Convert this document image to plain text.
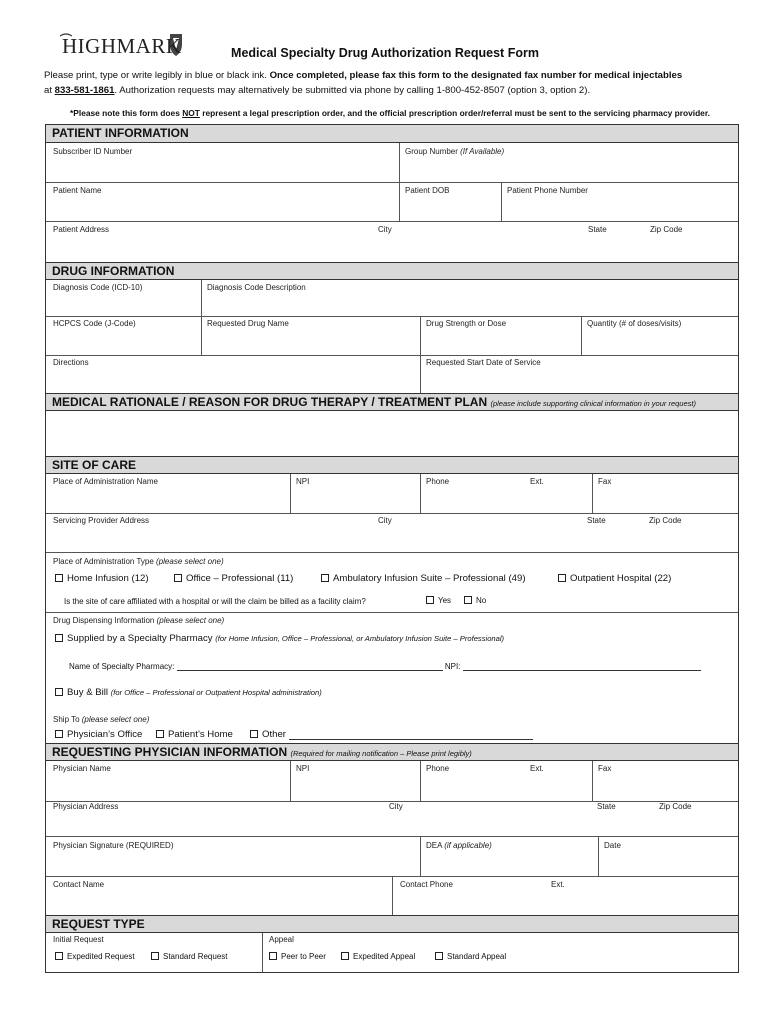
HIGHMARK	Medical Specialty Drug Authorization Request Form
Please print, type or write legibly in blue or black ink. Once completed, please fax this form to the designated fax number for medical injectables
at 833-581-1861. Authorization requests may alternatively be submitted via phone by calling 1-800-452-8507 (option 3, option 2).
*Please note this form does NOT represent a legal prescription order, and the official prescription order/referral must be sent to the servicing pharmacy provider.
PATIENT INFORMATION
Subscriber ID Number	Group Number (If Available)
Patient Name	Patient DOB	Patient Phone Number
Patient Address	City	State	Zip Code
DRUG INFORMATION
Diagnosis Code (ICD-10)	Diagnosis Code Description
HCPCS Code (J-Code)	Requested Drug Name	Drug Strength or Dose	Quantity (# of doses/visits)
Directions	Requested Start Date of Service
MEDICAL RATIONALE / REASON FOR DRUG THERAPY / TREATMENT PLAN (please include supporting clinical information in your request)
SITE OF CARE
Place of Administration Name	NPI	Phone	Ext.	Fax
Servicing Provider Address	City	State	Zip Code
Place of Administration Type (please select one)
Home Infusion (12)	Office – Professional (11)	Ambulatory Infusion Suite – Professional (49)	Outpatient Hospital (22)
Is the site of care affiliated with a hospital or will the claim be billed as a facility claim?	Yes	No
Drug Dispensing Information (please select one)
Supplied by a Specialty Pharmacy (for Home Infusion, Office – Professional, or Ambulatory Infusion Suite – Professional)
Name of Specialty Pharmacy:	NPI:
Buy & Bill (for Office – Professional or Outpatient Hospital administration)
Ship To (please select one)
Physician’s Office	Patient’s Home	Other
REQUESTING PHYSICIAN INFORMATION (Required for mailing notification – Please print legibly)
Physician Name	NPI	Phone	Ext.	Fax
Physician Address	City	State	Zip Code
Physician Signature (REQUIRED)	DEA (if applicable)	Date
Contact Name	Contact Phone	Ext.
REQUEST TYPE
Initial Request	Appeal
Expedited Request	Standard Request	Peer to Peer	Expedited Appeal	Standard Appeal
